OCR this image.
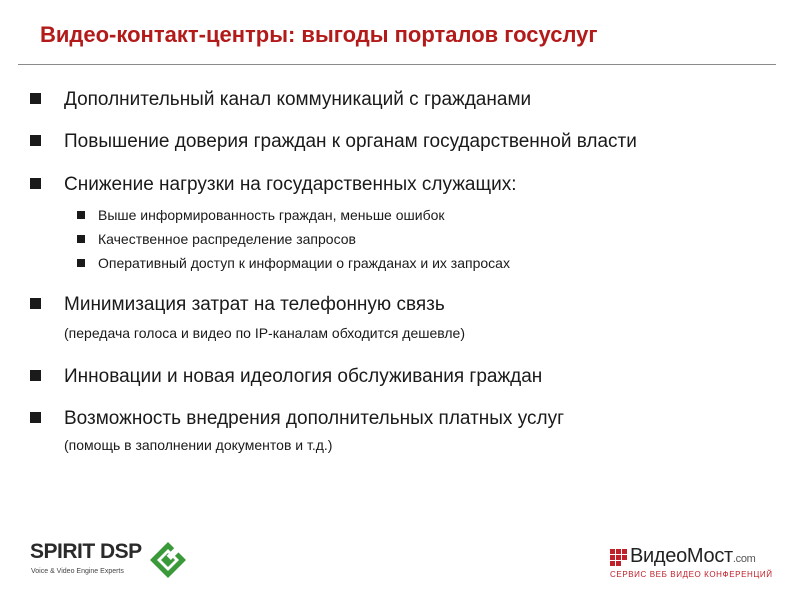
Видео-контакт-центры: выгоды порталов госуслуг
Дополнительный канал коммуникаций с гражданами
Повышение доверия граждан к органам государственной власти
Снижение нагрузки на государственных служащих:
Выше информированность граждан, меньше ошибок
Качественное распределение запросов
Оперативный доступ к информации о гражданах и их запросах
Минимизация затрат на телефонную связь
(передача голоса и видео по IP-каналам обходится дешевле)
Инновации и новая идеология обслуживания граждан
Возможность внедрения дополнительных платных услуг
(помощь в заполнении документов и т.д.)
SPIRIT DSP
Voice & Video Engine Experts
ВидеоМост.com
СЕРВИС ВЕБ ВИДЕО КОНФЕРЕНЦИЙ
